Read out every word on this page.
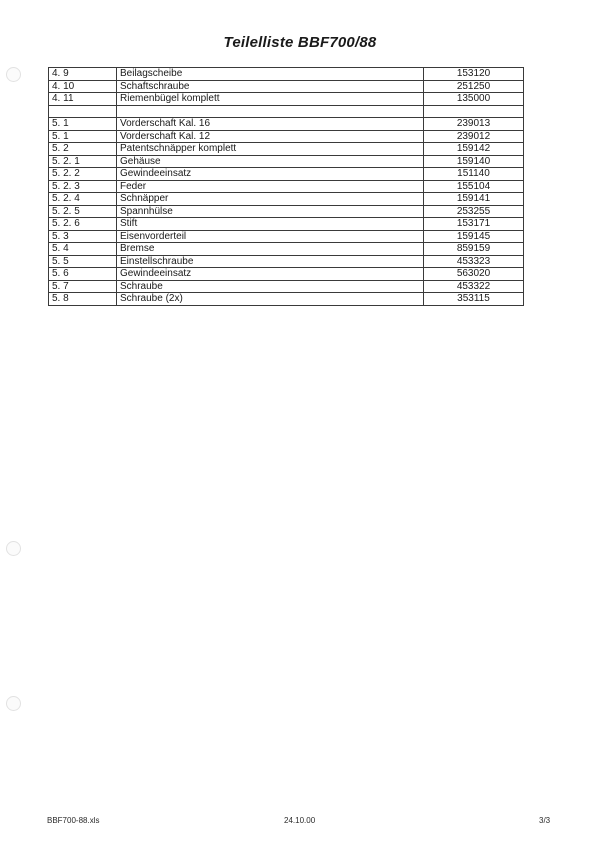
Teilelliste BBF700/88
4. 9	Beilagscheibe	153120
4. 10	Schaftschraube	251250
4. 11	Riemenbügel komplett	135000

5. 1	Vorderschaft Kal. 16	239013
5. 1	Vorderschaft Kal. 12	239012
5. 2	Patentschnäpper komplett	159142
5. 2. 1	Gehäuse	159140
5. 2. 2	Gewindeeinsatz	151140
5. 2. 3	Feder	155104
5. 2. 4	Schnäpper	159141
5. 2. 5	Spannhülse	253255
5. 2. 6	Stift	153171
5. 3	Eisenvorderteil	159145
5. 4	Bremse	859159
5. 5	Einstellschraube	453323
5. 6	Gewindeeinsatz	563020
5. 7	Schraube	453322
5. 8	Schraube (2x)	353115
BBF700-88.xls	24.10.00	3/3
